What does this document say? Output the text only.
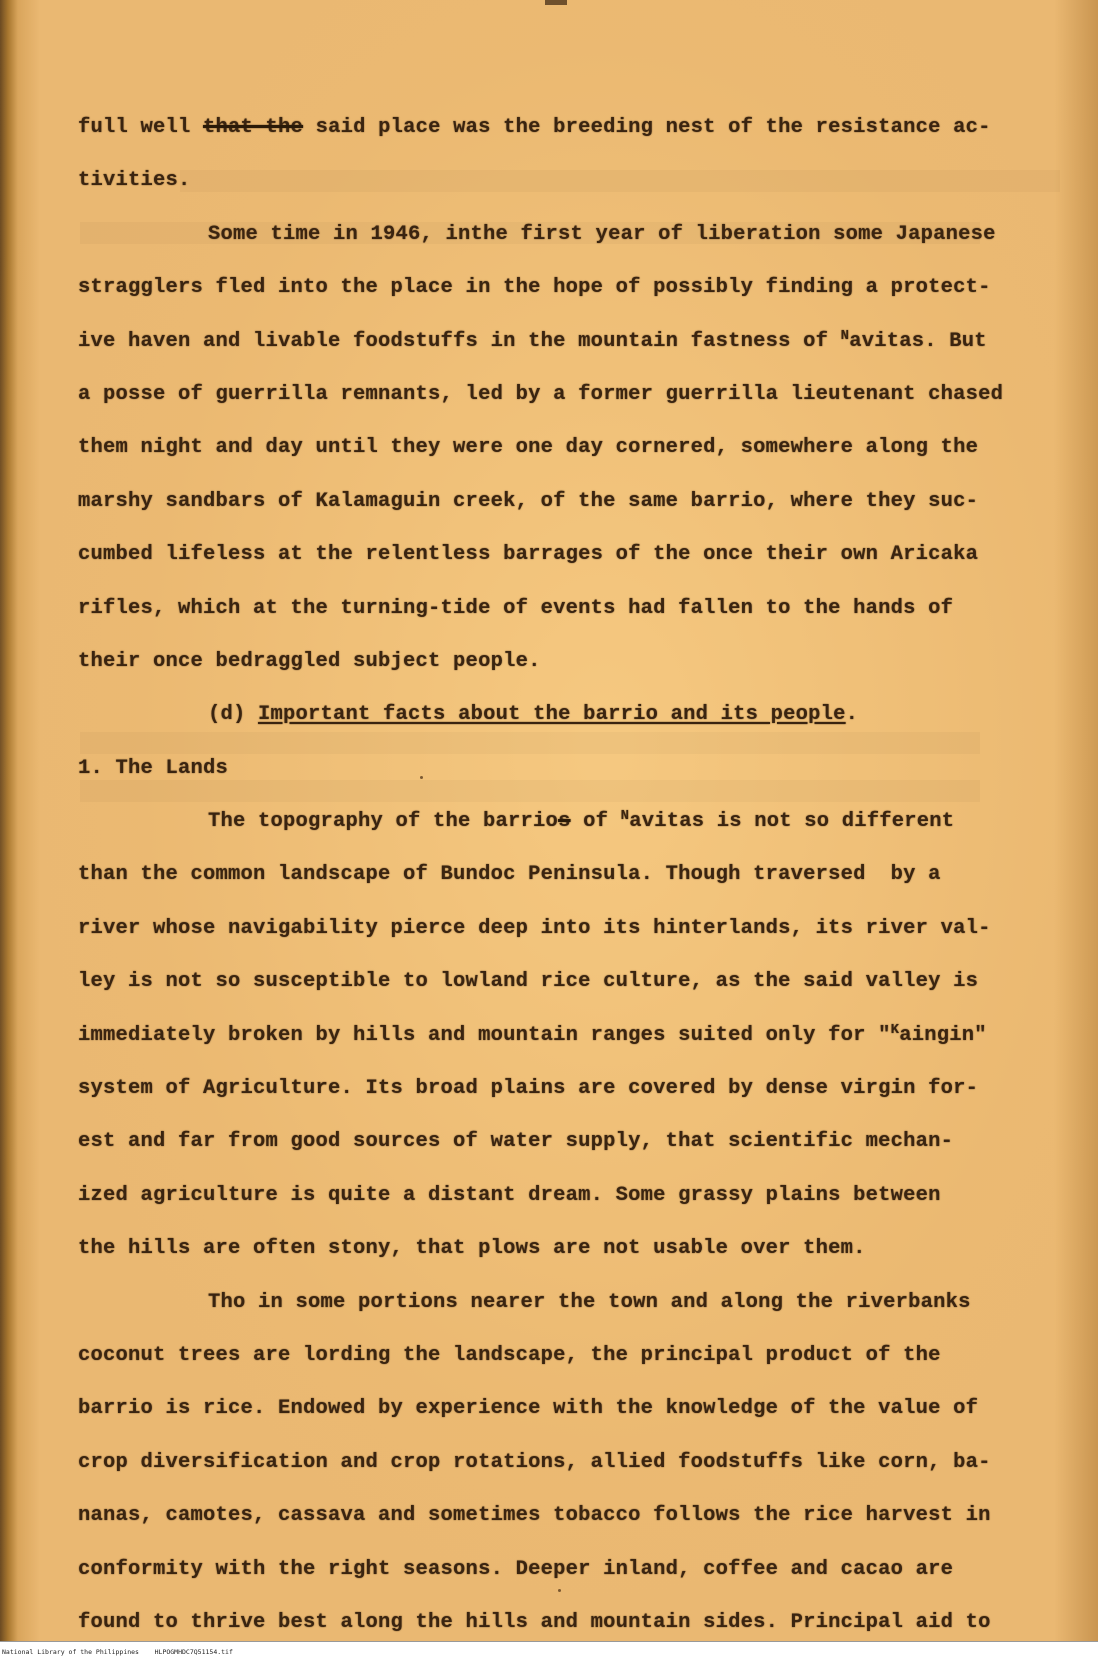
full well that the said place was the breeding nest of the resistance ac-
tivities.
Some time in 1946, inthe first year of liberation some Japanese
stragglers fled into the place in the hope of possibly finding a protect-
ive haven and livable foodstuffs in the mountain fastness of $^N$avitas. But
a posse of guerrilla remnants, led by a former guerrilla lieutenant chased
them night and day until they were one day cornered, somewhere along the
marshy sandbars of Kalamaguin creek, of the same barrio, where they suc-
cumbed lifeless at the relentless barrages of the once their own Aricaka
rifles, which at the turning-tide of events had fallen to the hands of
their once bedraggled subject people.
(d) Important facts about the barrio and its people.
1. The Lands
The topography of the barrios of $^N$avitas is not so different
than the common landscape of Bundoc Peninsula. Though traversed  by a
river whose navigability pierce deep into its hinterlands, its river val-
ley is not so susceptible to lowland rice culture, as the said valley is
immediately broken by hills and mountain ranges suited only for "$^K$aingin"
system of Agriculture. Its broad plains are covered by dense virgin for-
est and far from good sources of water supply, that scientific mechan-
ized agriculture is quite a distant dream. Some grassy plains between
the hills are often stony, that plows are not usable over them.
Tho in some portions nearer the town and along the riverbanks
coconut trees are lording the landscape, the principal product of the
barrio is rice. Endowed by experience with the knowledge of the value of
crop diversification and crop rotations, allied foodstuffs like corn, ba-
nanas, camotes, cassava and sometimes tobacco follows the rice harvest in
conformity with the right seasons. Deeper inland, coffee and cacao are
found to thrive best along the hills and mountain sides. Principal aid to
National Library of the Philippines    HLPOGMHDC7Q51154.tif
